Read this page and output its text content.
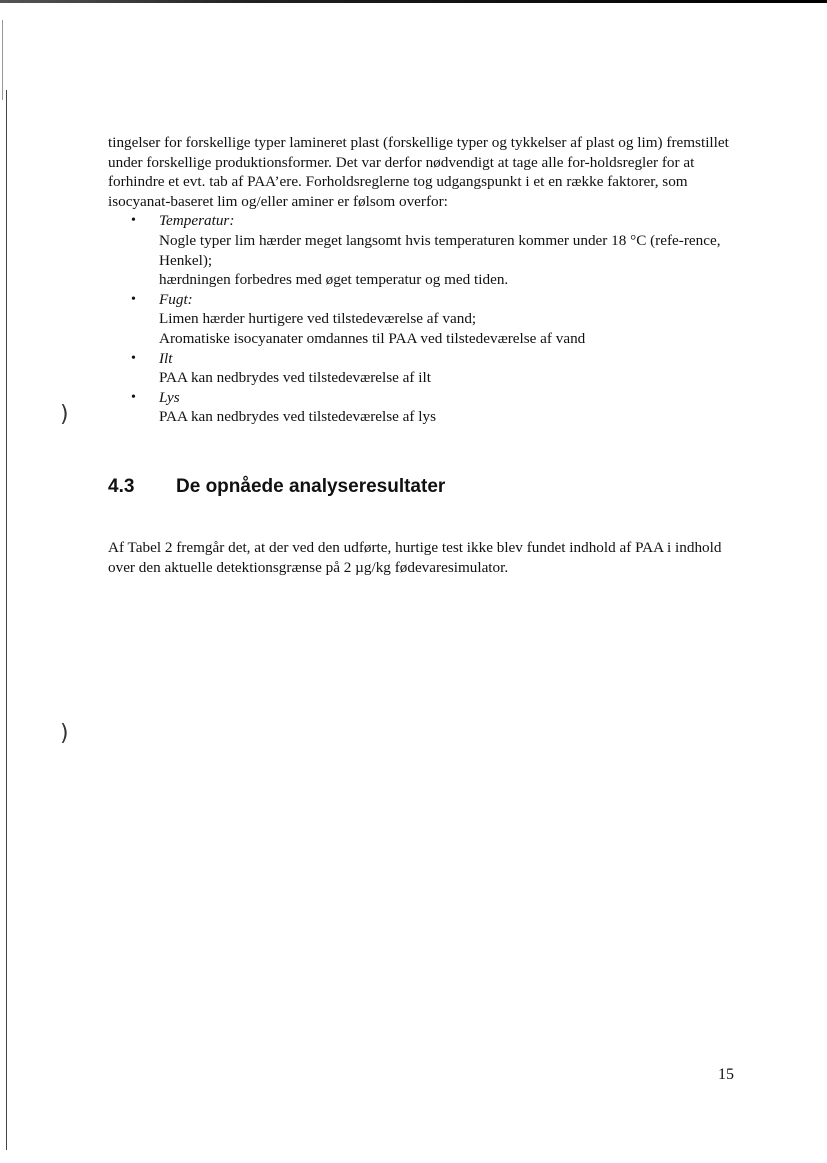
)
)

tingelser for forskellige typer lamineret plast (forskellige typer og tykkelser af plast og lim) fremstillet under forskellige produktionsformer. Det var derfor nødvendigt at tage alle for-holdsregler for at forhindre et evt. tab af PAA’ere. Forholdsreglerne tog udgangspunkt i et en række faktorer, som isocyanat-baseret lim og/eller aminer er følsom overfor:

• Temperatur:
Nogle typer lim hærder meget langsomt hvis temperaturen kommer under 18 °C (refe-rence, Henkel);
hærdningen forbedres med øget temperatur og med tiden.
• Fugt:
Limen hærder hurtigere ved tilstedeværelse af vand;
Aromatiske isocyanater omdannes til PAA ved tilstedeværelse af vand
• Ilt
PAA kan nedbrydes ved tilstedeværelse af ilt
• Lys
PAA kan nedbrydes ved tilstedeværelse af lys
4.3 De opnåede analyseresultater

Af Tabel 2 fremgår det, at der ved den udførte, hurtige test ikke blev fundet indhold af PAA i indhold over den aktuelle detektionsgrænse på 2 µg/kg fødevaresimulator.

15
